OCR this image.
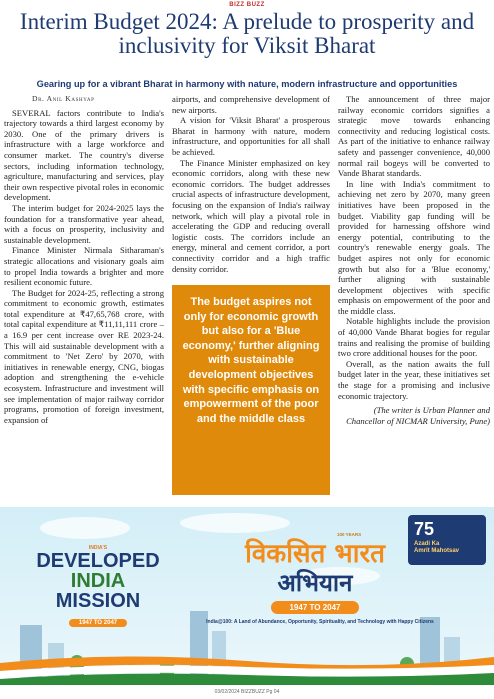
BIZZ BUZZ
Interim Budget 2024: A prelude to prosperity and inclusivity for Viksit Bharat
Gearing up for a vibrant Bharat in harmony with nature, modern infrastructure and opportunities

Dr. Anil Kashyap

SEVERAL factors contribute to India's trajectory towards a third largest economy by 2030. One of the primary drivers is infrastructure with a large workforce and consumer market. The country's diverse sectors, including information technology, agriculture, manufacturing and services, play their own respective pivotal roles in economic development.

The interim budget for 2024-2025 lays the foundation for a transformative year ahead, with a focus on prosperity, inclusivity and sustainable development.

Finance Minister Nirmala Sitharaman's strategic allocations and visionary goals aim to propel India towards a brighter and more resilient economic future.

The Budget for 2024-25, reflecting a strong commitment to economic growth, estimates total expenditure at ₹47,65,768 crore, with total capital expenditure at ₹11,11,111 crore – a 16.9 per cent increase over RE 2023-24. This will aid sustainable development with a commitment to 'Net Zero' by 2070, with initiatives in renewable energy, CNG, biogas adoption and strengthening the e-vehicle ecosystem. Infrastructure and investment will see implementation of major railway corridor programs, promotion of foreign investment, expansion of

airports, and comprehensive development of new airports.

A vision for 'Viksit Bharat' a prosperous Bharat in harmony with nature, modern infrastructure, and opportunities for all shall be achieved.

The Finance Minister emphasized on key economic corridors, along with these new economic corridors. The budget addresses crucial aspects of infrastructure development, focusing on the expansion of India's railway network, which will play a pivotal role in accelerating the GDP and reducing overall logistic costs. The corridors include an energy, mineral and cement corridor, a port connectivity corridor and a high traffic density corridor.

The budget aspires not only for economic growth but also for a 'Blue economy,' further aligning with sustainable development objectives with specific emphasis on empowerment of the poor and the middle class

The announcement of three major railway economic corridors signifies a strategic move towards enhancing connectivity and reducing logistical costs. As part of the initiative to enhance railway safety and passenger convenience, 40,000 normal rail bogeys will be converted to Vande Bharat standards.

In line with India's commitment to achieving net zero by 2070, many green initiatives have been proposed in the budget. Viability gap funding will be provided for harnessing offshore wind energy potential, contributing to the country's renewable energy goals. The budget aspires not only for economic growth but also for a 'Blue economy,' further aligning with sustainable development objectives with specific emphasis on empowerment of the poor and the middle class.

Notable highlights include the provision of 40,000 Vande Bharat bogies for regular trains and realising the promise of building two crore additional houses for the poor.

Overall, as the nation awaits the full budget later in the year, these initiatives set the stage for a promising and inclusive economic trajectory.

(The writer is Urban Planner and Chancellor of NICMAR University, Pune)

75
Azadi Ka
Amrit Mahotsav
INDIA'S
DEVELOPED
INDIA
MISSION
1947 TO 2047
100 YEARS
विकसित भारत
अभियान
1947 TO 2047
India@100: A Land of Abundance, Opportunity, Spirituality, and Technology with Happy Citizens
03/02/2024 BIZZBUZZ Pg 04
